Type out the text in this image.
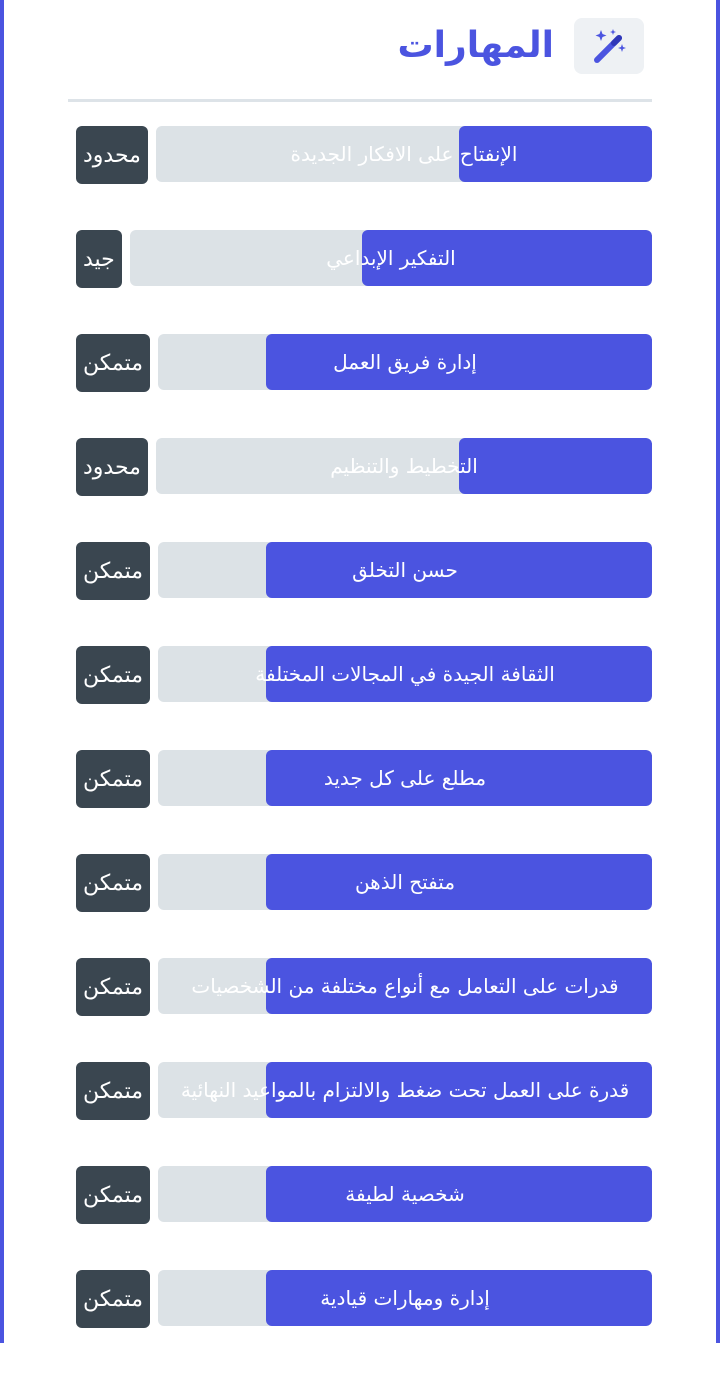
المهارات
محدود	الإنفتاح على الافكار الجديدة
جيد	التفكير الإبداعي
متمكن	إدارة فريق العمل
محدود	التخطيط والتنظيم
متمكن	حسن التخلق
متمكن	الثقافة الجيدة في المجالات المختلفة
متمكن	مطلع على كل جديد
متمكن	متفتح الذهن
متمكن	قدرات على التعامل مع أنواع مختلفة من الشخصيات
متمكن	قدرة على العمل تحت ضغط والالتزام بالمواعيد النهائية
متمكن	شخصية لطيفة
متمكن	إدارة ومهارات قيادية
